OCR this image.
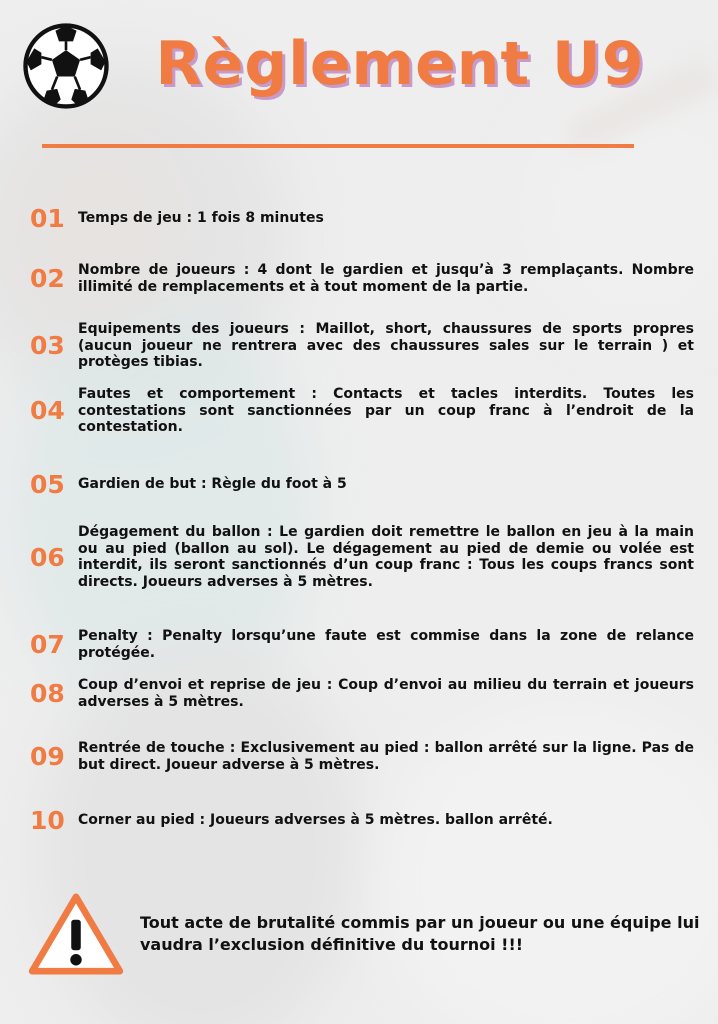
Règlement U9
01 Temps de jeu : 1 fois 8 minutes
02 Nombre de joueurs : 4 dont le gardien et jusqu’à 3 remplaçants. Nombre illimité de remplacements et à tout moment de la partie.
03
Equipements des joueurs : Maillot, short, chaussures de sports propres (aucun joueur ne rentrera avec des chaussures sales sur le terrain ) et protèges tibias.
04
Fautes et comportement : Contacts et tacles interdits. Toutes les contestations sont sanctionnées par un coup franc à l’endroit de la contestation.
05 Gardien de but : Règle du foot à 5
06
Dégagement du ballon : Le gardien doit remettre le ballon en jeu à la main ou au pied (ballon au sol). Le dégagement au pied de demie ou volée est interdit, ils seront sanctionnés d’un coup franc : Tous les coups francs sont directs. Joueurs adverses à 5 mètres.
07 Penalty : Penalty lorsqu’une faute est commise dans la zone de relance protégée.
08 Coup d’envoi et reprise de jeu : Coup d’envoi au milieu du terrain et joueurs adverses à 5 mètres.
09 Rentrée de touche : Exclusivement au pied : ballon arrêté sur la ligne. Pas de but direct. Joueur adverse à 5 mètres.
10 Corner au pied : Joueurs adverses à 5 mètres. ballon arrêté.
Tout acte de brutalité commis par un joueur ou une équipe lui vaudra l’exclusion définitive du tournoi !!!
